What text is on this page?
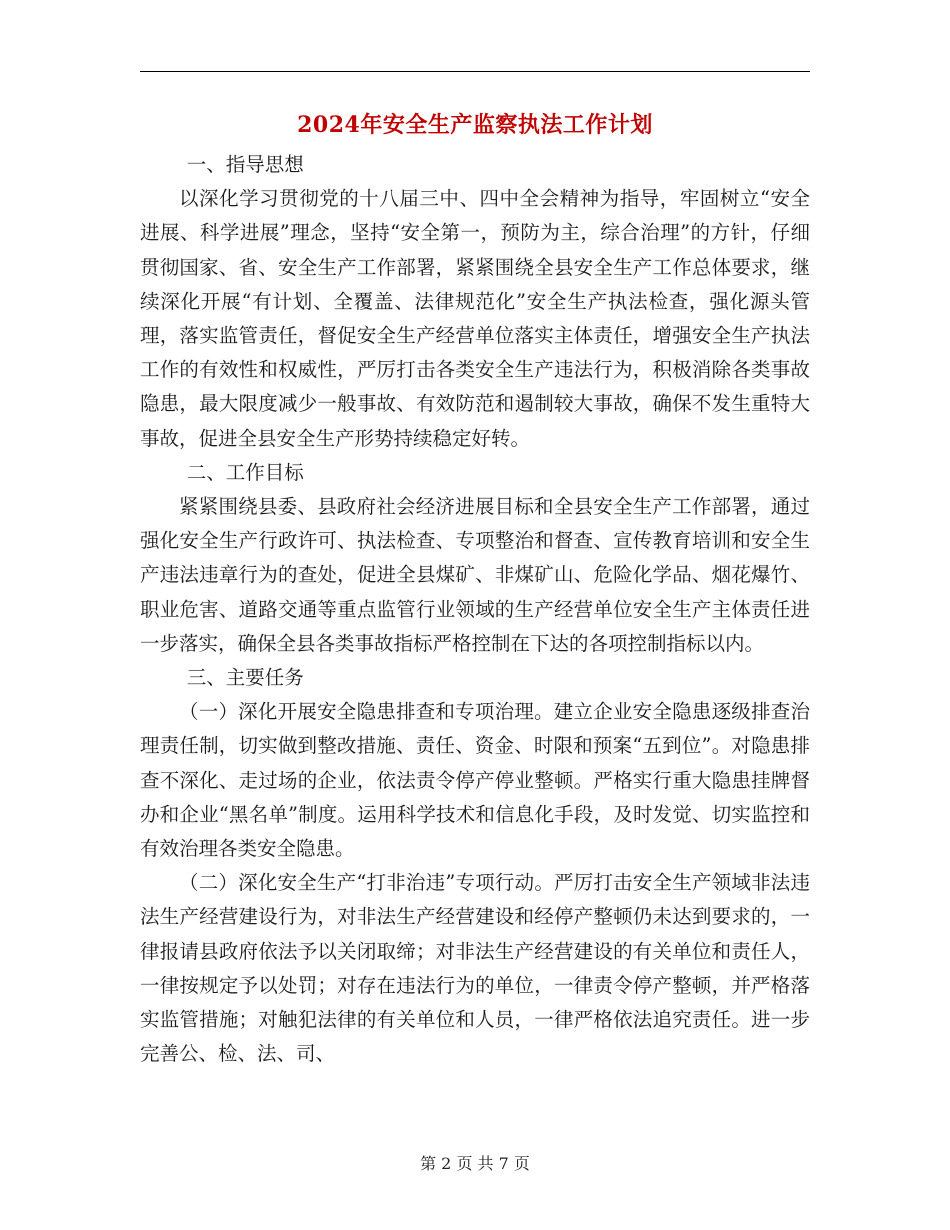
2024年安全生产监察执法工作计划

一、指导思想

以深化学习贯彻党的十八届三中、四中全会精神为指导，牢固树立“安全进展、科学进展”理念，坚持“安全第一，预防为主，综合治理”的方针，仔细贯彻国家、省、安全生产工作部署，紧紧围绕全县安全生产工作总体要求，继续深化开展“有计划、全覆盖、法律规范化”安全生产执法检查，强化源头管理，落实监管责任，督促安全生产经营单位落实主体责任，增强安全生产执法工作的有效性和权威性，严厉打击各类安全生产违法行为，积极消除各类事故隐患，最大限度减少一般事故、有效防范和遏制较大事故，确保不发生重特大事故，促进全县安全生产形势持续稳定好转。

二、工作目标

紧紧围绕县委、县政府社会经济进展目标和全县安全生产工作部署，通过强化安全生产行政许可、执法检查、专项整治和督查、宣传教育培训和安全生产违法违章行为的查处，促进全县煤矿、非煤矿山、危险化学品、烟花爆竹、职业危害、道路交通等重点监管行业领域的生产经营单位安全生产主体责任进一步落实，确保全县各类事故指标严格控制在下达的各项控制指标以内。

三、主要任务

（一）深化开展安全隐患排查和专项治理。建立企业安全隐患逐级排查治理责任制，切实做到整改措施、责任、资金、时限和预案“五到位”。对隐患排查不深化、走过场的企业，依法责令停产停业整顿。严格实行重大隐患挂牌督办和企业“黑名单”制度。运用科学技术和信息化手段，及时发觉、切实监控和有效治理各类安全隐患。

（二）深化安全生产“打非治违”专项行动。严厉打击安全生产领域非法违法生产经营建设行为，对非法生产经营建设和经停产整顿仍未达到要求的，一律报请县政府依法予以关闭取缔；对非法生产经营建设的有关单位和责任人，一律按规定予以处罚；对存在违法行为的单位，一律责令停产整顿，并严格落实监管措施；对触犯法律的有关单位和人员，一律严格依法追究责任。进一步完善公、检、法、司、

第 2 页 共 7 页
